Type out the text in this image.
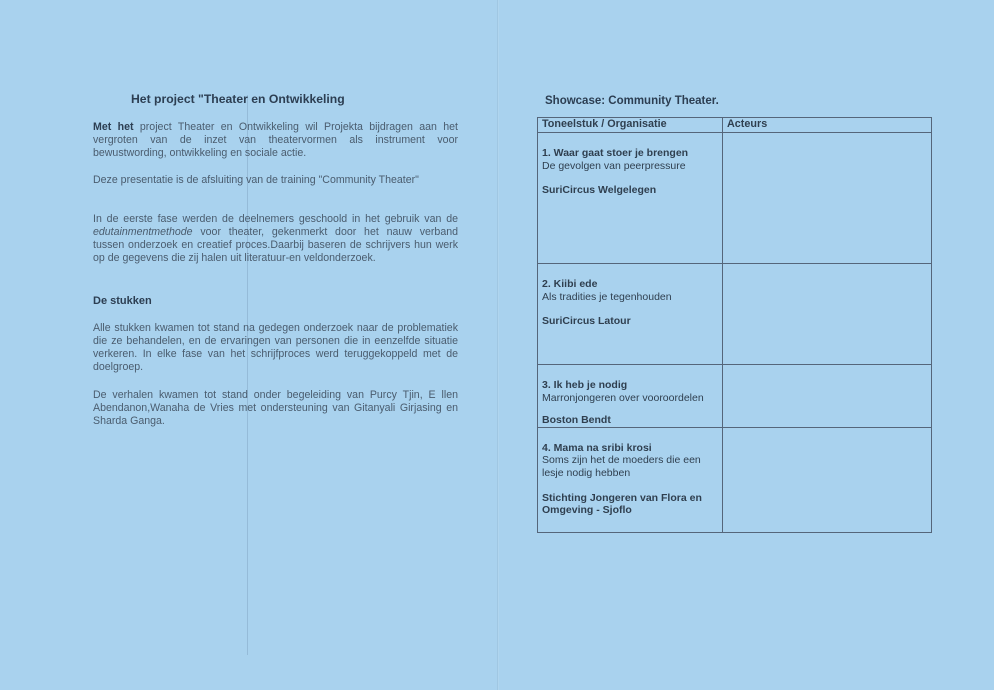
Het project "Theater en Ontwikkeling

Met het project Theater en Ontwikkeling wil Projekta bijdragen aan het vergroten van de inzet van theatervormen als instrument voor bewustwording, ontwikkeling en sociale actie.

Deze presentatie is de afsluiting van de training "Community Theater"

In de eerste fase werden de deelnemers geschoold in het gebruik van de edutainmentmethode voor theater, gekenmerkt door het nauw verband tussen onderzoek en creatief proces.Daarbij baseren de schrijvers hun werk op de gegevens die zij halen uit literatuur-en veldonderzoek.

De stukken

Alle stukken kwamen tot stand na gedegen onderzoek naar de problematiek die ze behandelen, en de ervaringen van personen die in eenzelfde situatie verkeren. In elke fase van het schrijfproces werd teruggekoppeld met de doelgroep.

De verhalen kwamen tot stand onder begeleiding van Purcy Tjin, E llen Abendanon,Wanaha de Vries met ondersteuning van Gitanyali Girjasing en Sharda Ganga.

Showcase: Community Theater.
Toneelstuk / Organisatie	Acteurs

1. Waar gaat stoer je brengen
De gevolgen van peerpressure
SuriCircus Welgelegen

2. Kiibi ede
Als tradities je tegenhouden
SuriCircus Latour

3. Ik heb je nodig
Marronjongeren over vooroordelen
Boston Bendt

4. Mama na sribi krosi
Soms zijn het de moeders die een lesje nodig hebben
Stichting Jongeren van Flora en Omgeving - Sjoflo
